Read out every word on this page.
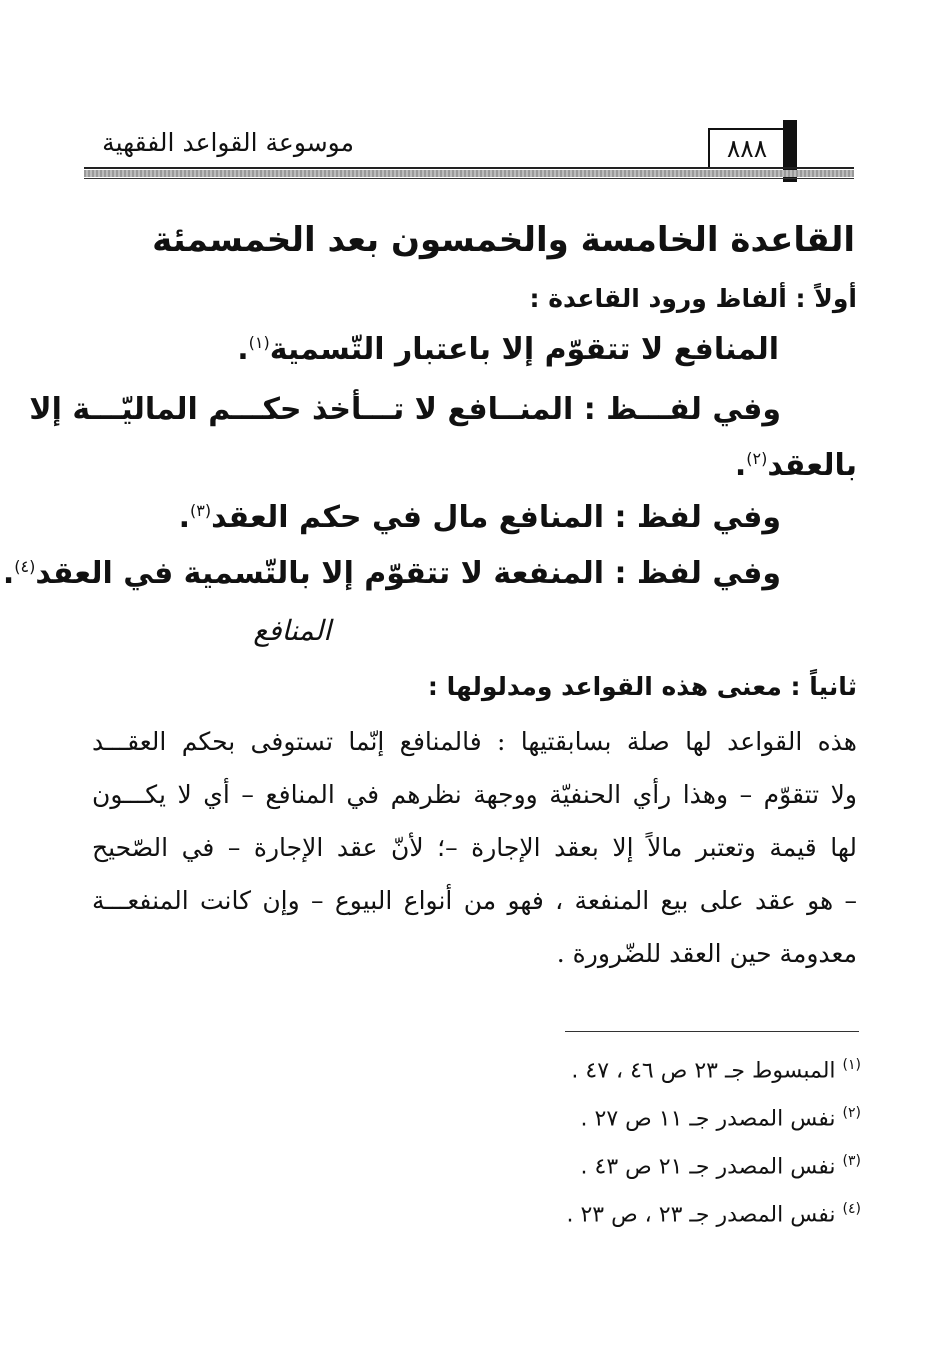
موسوعة القواعد الفقهية	٨٨٨
القاعدة الخامسة والخمسون بعد الخمسمئة
أولاً : ألفاظ ورود القاعدة :
المنافع لا تتقوّم إلا باعتبار التّسمية$^{(١)}$.
وفي لفـــظ : المنــافع لا تـــأخذ حكـــم الماليّـــة إلا
بالعقد$^{(٢)}$.
وفي لفظ : المنافع مال في حكم العقد$^{(٣)}$.
وفي لفظ : المنفعة لا تتقوّم إلا بالتّسمية في العقد$^{(٤)}$.
المنافع
ثانياً : معنى هذه القواعد ومدلولها :
هذه القواعد لها صلة بسابقتيها : فالمنافع إنّما تستوفى بحكم العقـــد
ولا تتقوّم – وهذا رأي الحنفيّة ووجهة نظرهم في المنافع – أي لا يكـــون
لها قيمة وتعتبر مالاً إلا بعقد الإجارة –؛ لأنّ عقد الإجارة – في الصّحيح
– هو عقد على بيع المنفعة ، فهو من أنواع البيوع – وإن كانت المنفعـــة
معدومة حين العقد للضّرورة .
$^{(١)}$ المبسوط جـ ٢٣ ص ٤٦ ، ٤٧ .
$^{(٢)}$ نفس المصدر جـ ١١ ص ٢٧ .
$^{(٣)}$ نفس المصدر جـ ٢١ ص ٤٣ .
$^{(٤)}$ نفس المصدر جـ ٢٣ ، ص ٢٣ .
